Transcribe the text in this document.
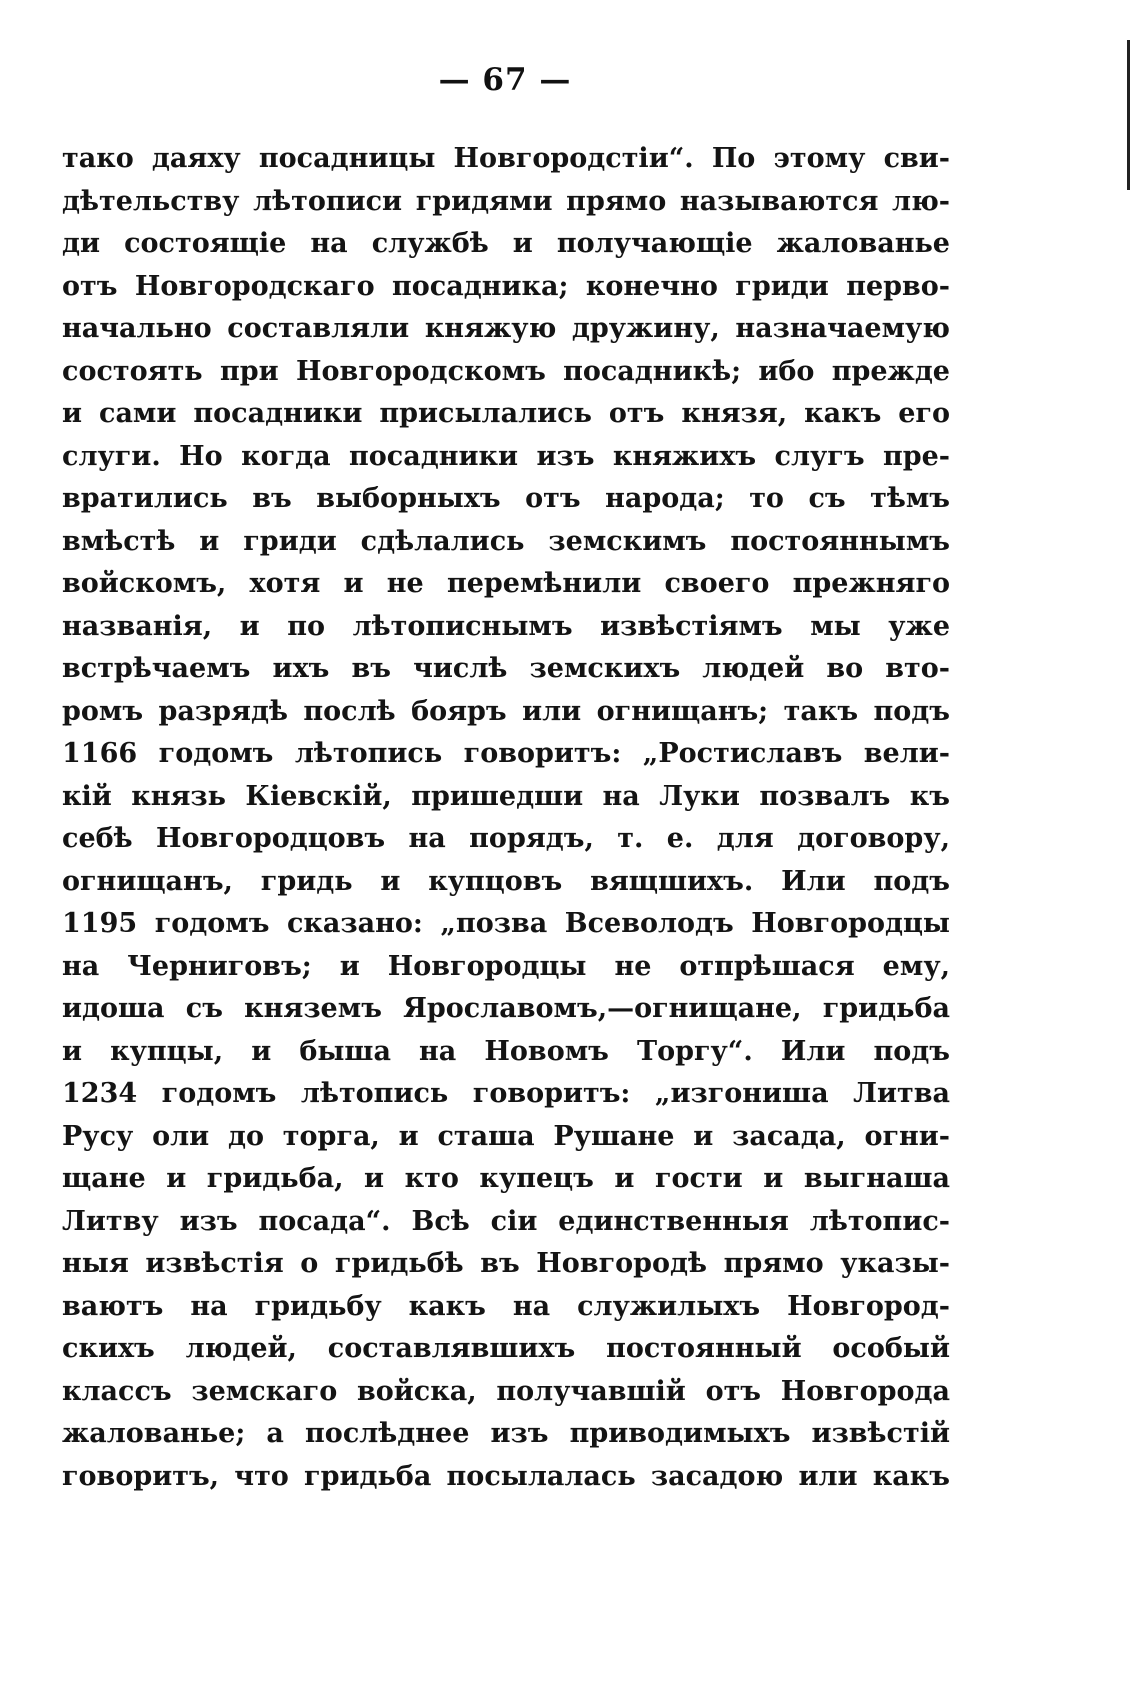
— 67 —
тако даяху посадницы Новгородстіи“. По этому сви-
дѣтельству лѣтописи гридями прямо называются лю-
ди состоящіе на службѣ и получающіе жалованье
отъ Новгородскаго посадника; конечно гриди перво-
начально составляли княжую дружину, назначаемую
состоять при Новгородскомъ посадникѣ; ибо прежде
и сами посадники присылались отъ князя, какъ его
слуги. Но когда посадники изъ княжихъ слугъ пре-
вратились въ выборныхъ отъ народа; то съ тѣмъ
вмѣстѣ и гриди сдѣлались земскимъ постояннымъ
войскомъ, хотя и не перемѣнили своего прежняго
названія, и по лѣтописнымъ извѣстіямъ мы уже
встрѣчаемъ ихъ въ числѣ земскихъ людей во вто-
ромъ разрядѣ послѣ бояръ или огнищанъ; такъ подъ
1166 годомъ лѣтопись говоритъ: „Ростиславъ вели-
кій князь Кіевскій, пришедши на Луки позвалъ къ
себѣ Новгородцовъ на порядъ, т. е. для договору,
огнищанъ, гридь и купцовъ вящшихъ. Или подъ
1195 годомъ сказано: „позва Всеволодъ Новгородцы
на Черниговъ; и Новгородцы не отпрѣшася ему,
идоша съ княземъ Ярославомъ,—огнищане, гридьба
и купцы, и быша на Новомъ Торгу“. Или подъ
1234 годомъ лѣтопись говоритъ: „изгониша Литва
Русу оли до торга, и сташа Рушане и засада, огни-
щане и гридьба, и кто купецъ и гости и выгнаша
Литву изъ посада“. Всѣ сіи единственныя лѣтопис-
ныя извѣстія о гридьбѣ въ Новгородѣ прямо указы-
ваютъ на гридьбу какъ на служилыхъ Новгород-
скихъ людей, составлявшихъ постоянный особый
классъ земскаго войска, получавшій отъ Новгорода
жалованье; а послѣднее изъ приводимыхъ извѣстій
говоритъ, что гридьба посылалась засадою или какъ
